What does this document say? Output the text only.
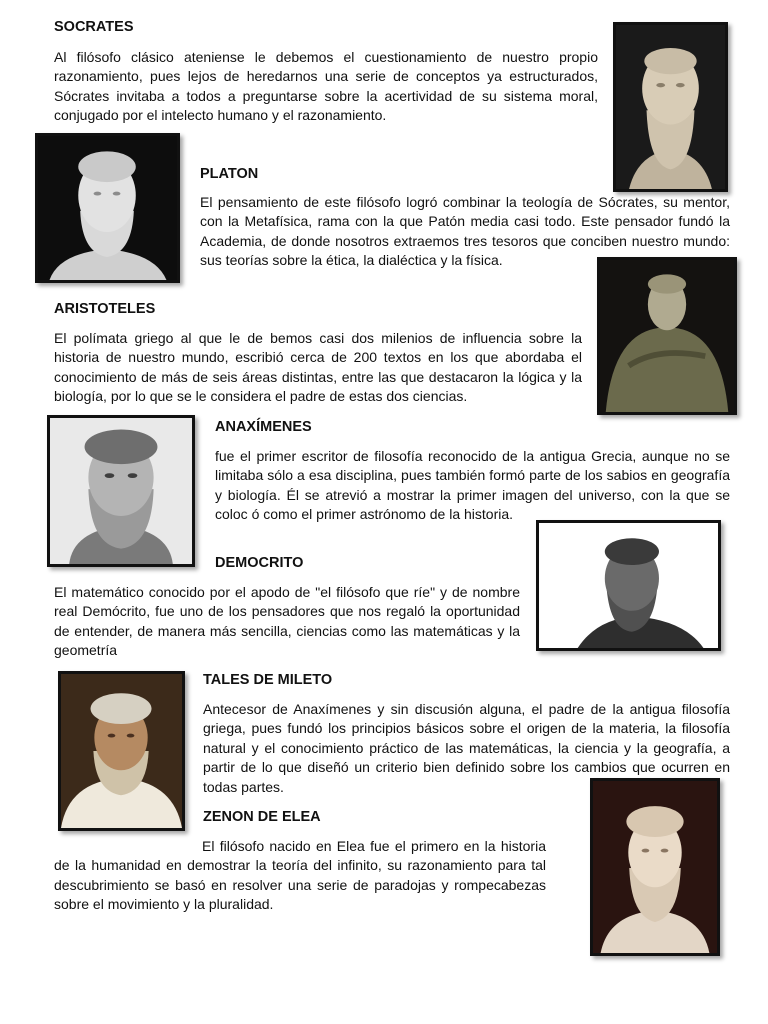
SOCRATES

Al filósofo clásico ateniense le debemos el cuestionamiento de nuestro propio razonamiento, pues lejos de heredarnos una serie de conceptos ya estructurados, Sócrates invitaba a todos a preguntarse sobre la acertividad de su sistema moral, conjugado por el intelecto humano y el razonamiento.

PLATON

El pensamiento de este filósofo logró combinar la teología de Sócrates, su mentor, con la Metafísica, rama con la que Patón media casi todo. Este pensador fundó la Academia, de donde nosotros extraemos tres tesoros que conciben nuestro mundo: sus teorías sobre la ética, la dialéctica y la física.

ARISTOTELES

El polímata griego al que le de bemos casi dos milenios de influencia sobre la historia de nuestro mundo, escribió cerca de 200 textos en los que abordaba el conocimiento de más de seis áreas distintas, entre las que destacaron la lógica y la biología, por lo que se le considera el padre de estas dos ciencias.

ANAXÍMENES

fue el primer escritor de filosofía reconocido de la antigua Grecia, aunque no se limitaba sólo a esa disciplina, pues también formó parte de los sabios en geografía y biología. Él se atrevió a mostrar la primer imagen del universo, con la que se coloc ó como el primer astrónomo de la historia.

DEMOCRITO

El matemático conocido por el apodo de "el filósofo que ríe" y de nombre real Demócrito, fue uno de los pensadores que nos regaló la oportunidad de entender, de manera más sencilla, ciencias como las matemáticas y la geometría

TALES DE MILETO

Antecesor de Anaxímenes y sin discusión alguna, el padre de la antigua filosofía griega, pues fundó los principios básicos sobre el origen de la materia, la filosofía natural y el conocimiento práctico de las matemáticas, la ciencia y la geografía, a partir de lo que diseñó un criterio bien definido sobre los cambios que ocurren en todas partes.

ZENON DE ELEA

El filósofo nacido en Elea fue el primero en la historia de la humanidad en demostrar la teoría del infinito, su razonamiento para tal descubrimiento se basó en resolver una serie de paradojas y rompecabezas sobre el movimiento y la pluralidad.
